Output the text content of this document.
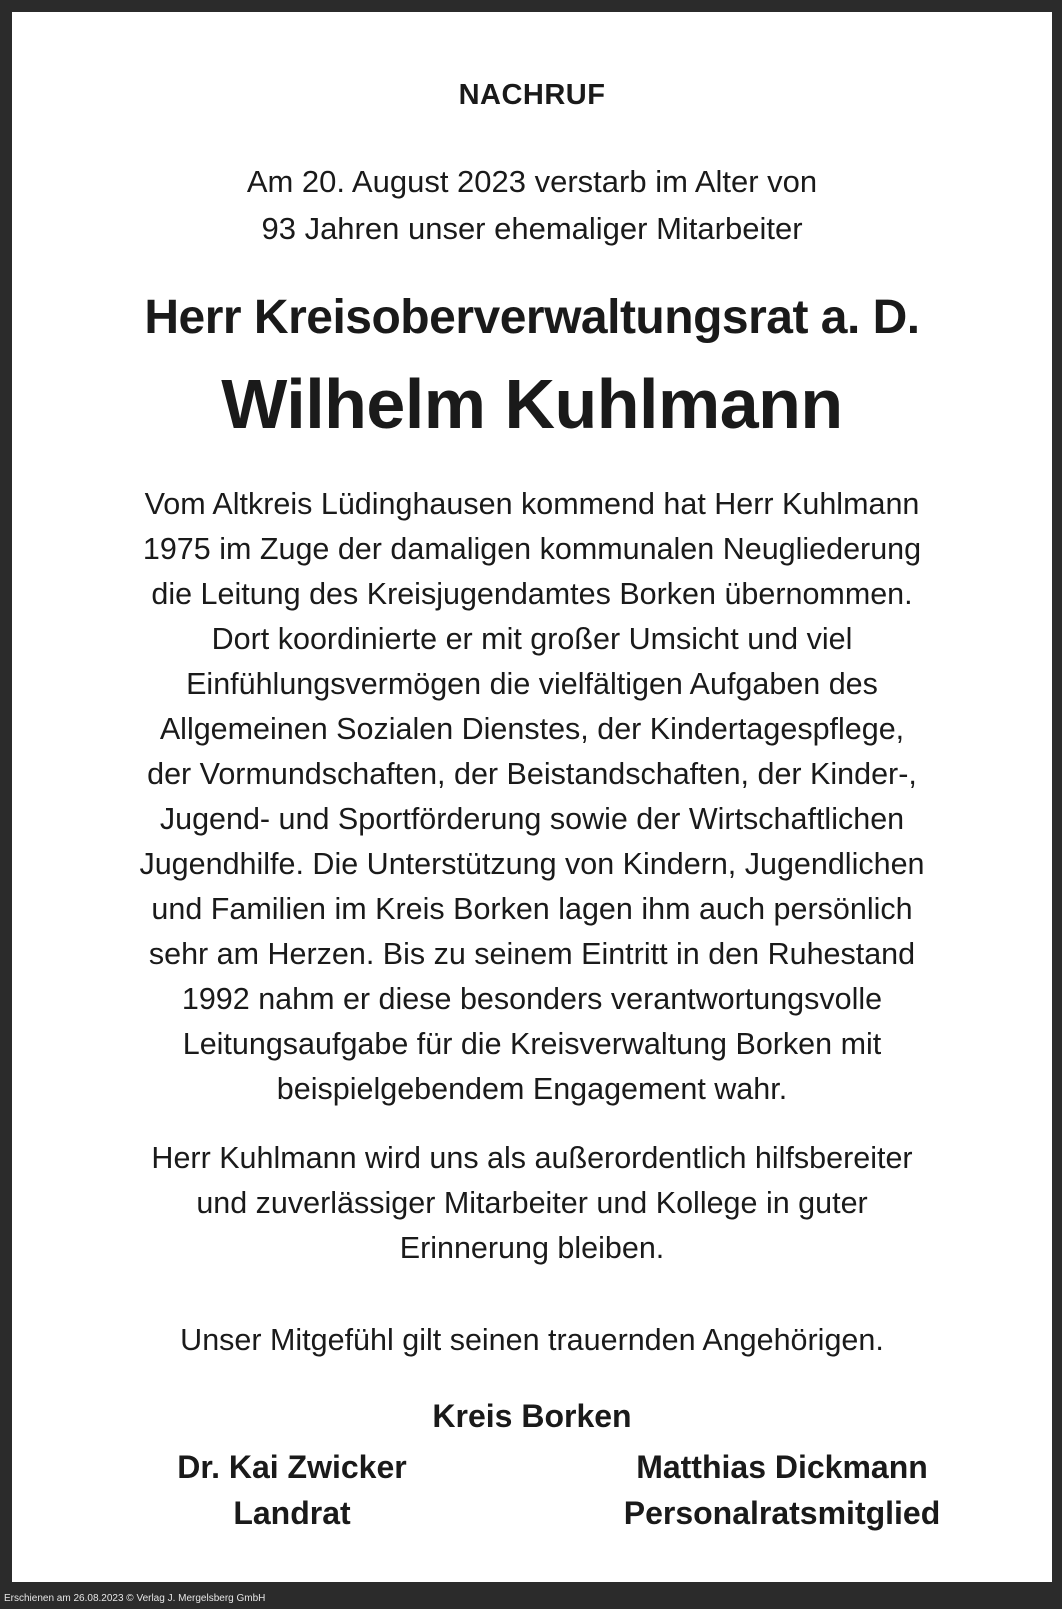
NACHRUF
Am 20. August 2023 verstarb im Alter von
93 Jahren unser ehemaliger Mitarbeiter
Herr Kreisoberverwaltungsrat a. D.
Wilhelm Kuhlmann
Vom Altkreis Lüdinghausen kommend hat Herr Kuhlmann
1975 im Zuge der damaligen kommunalen Neugliederung
die Leitung des Kreisjugendamtes Borken übernommen.
Dort koordinierte er mit großer Umsicht und viel
Einfühlungsvermögen die vielfältigen Aufgaben des
Allgemeinen Sozialen Dienstes, der Kindertagespflege,
der Vormundschaften, der Beistandschaften, der Kinder-,
Jugend- und Sportförderung sowie der Wirtschaftlichen
Jugendhilfe. Die Unterstützung von Kindern, Jugendlichen
und Familien im Kreis Borken lagen ihm auch persönlich
sehr am Herzen. Bis zu seinem Eintritt in den Ruhestand
1992 nahm er diese besonders verantwortungsvolle
Leitungsaufgabe für die Kreisverwaltung Borken mit
beispielgebendem Engagement wahr.
Herr Kuhlmann wird uns als außerordentlich hilfsbereiter
und zuverlässiger Mitarbeiter und Kollege in guter
Erinnerung bleiben.
Unser Mitgefühl gilt seinen trauernden Angehörigen.
Kreis Borken
Dr. Kai Zwicker
Landrat
Matthias Dickmann
Personalratsmitglied
Erschienen am 26.08.2023 © Verlag J. Mergelsberg GmbH
